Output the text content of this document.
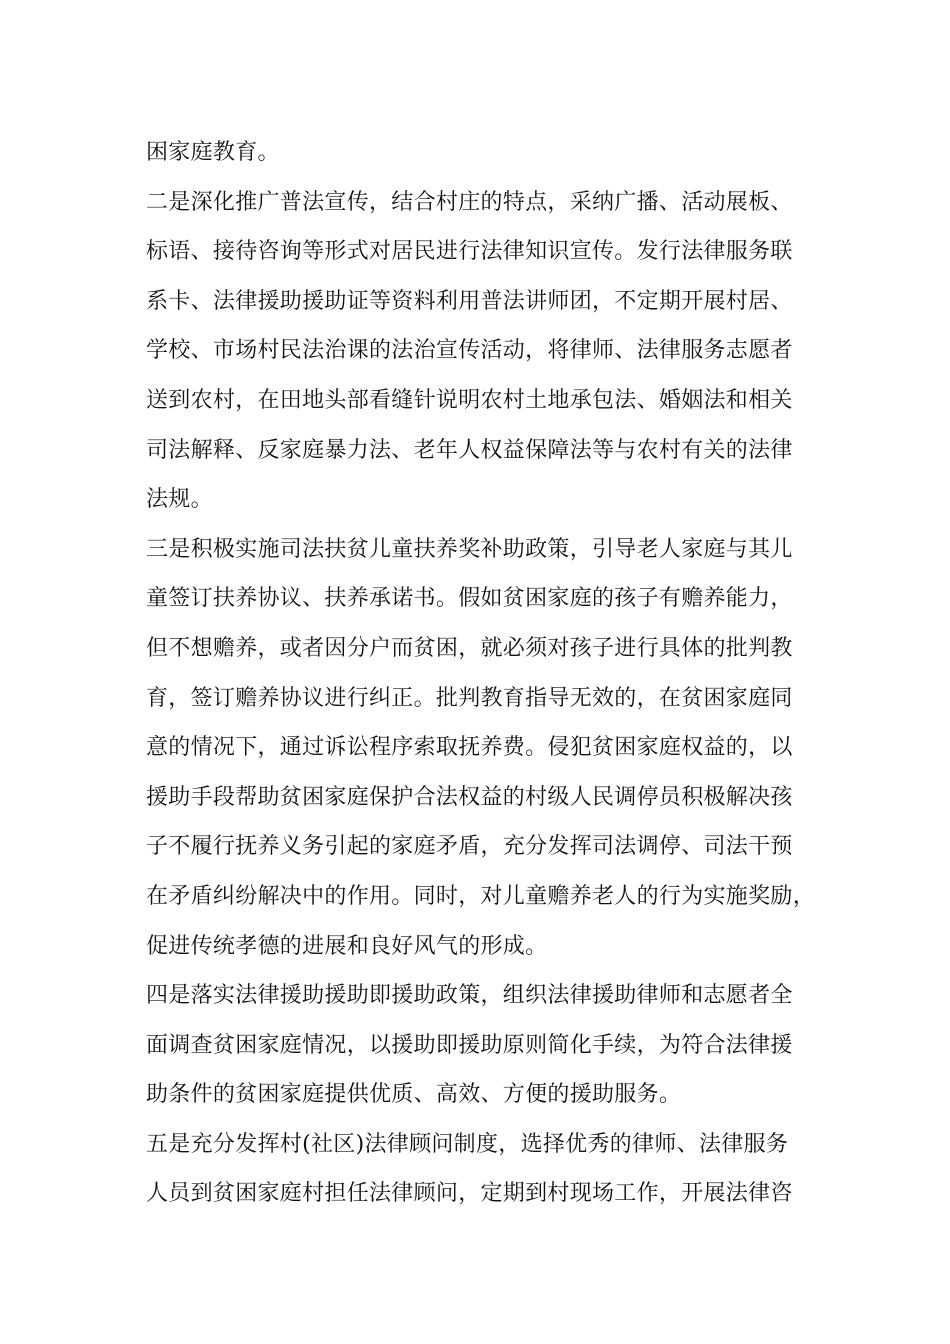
困家庭教育。

二是深化推广普法宣传，结合村庄的特点，采纳广播、活动展板、
标语、接待咨询等形式对居民进行法律知识宣传。发行法律服务联
系卡、法律援助援助证等资料利用普法讲师团，不定期开展村居、
学校、市场村民法治课的法治宣传活动，将律师、法律服务志愿者
送到农村，在田地头部看缝针说明农村土地承包法、婚姻法和相关
司法解释、反家庭暴力法、老年人权益保障法等与农村有关的法律
法规。

三是积极实施司法扶贫儿童扶养奖补助政策，引导老人家庭与其儿
童签订扶养协议、扶养承诺书。假如贫困家庭的孩子有赡养能力，
但不想赡养，或者因分户而贫困，就必须对孩子进行具体的批判教
育，签订赡养协议进行纠正。批判教育指导无效的，在贫困家庭同
意的情况下，通过诉讼程序索取抚养费。侵犯贫困家庭权益的，以
援助手段帮助贫困家庭保护合法权益的村级人民调停员积极解决孩
子不履行抚养义务引起的家庭矛盾，充分发挥司法调停、司法干预
在矛盾纠纷解决中的作用。同时，对儿童赡养老人的行为实施奖励，
促进传统孝德的进展和良好风气的形成。

四是落实法律援助援助即援助政策，组织法律援助律师和志愿者全
面调查贫困家庭情况，以援助即援助原则简化手续，为符合法律援
助条件的贫困家庭提供优质、高效、方便的援助服务。

五是充分发挥村(社区)法律顾问制度，选择优秀的律师、法律服务
人员到贫困家庭村担任法律顾问，定期到村现场工作，开展法律咨
